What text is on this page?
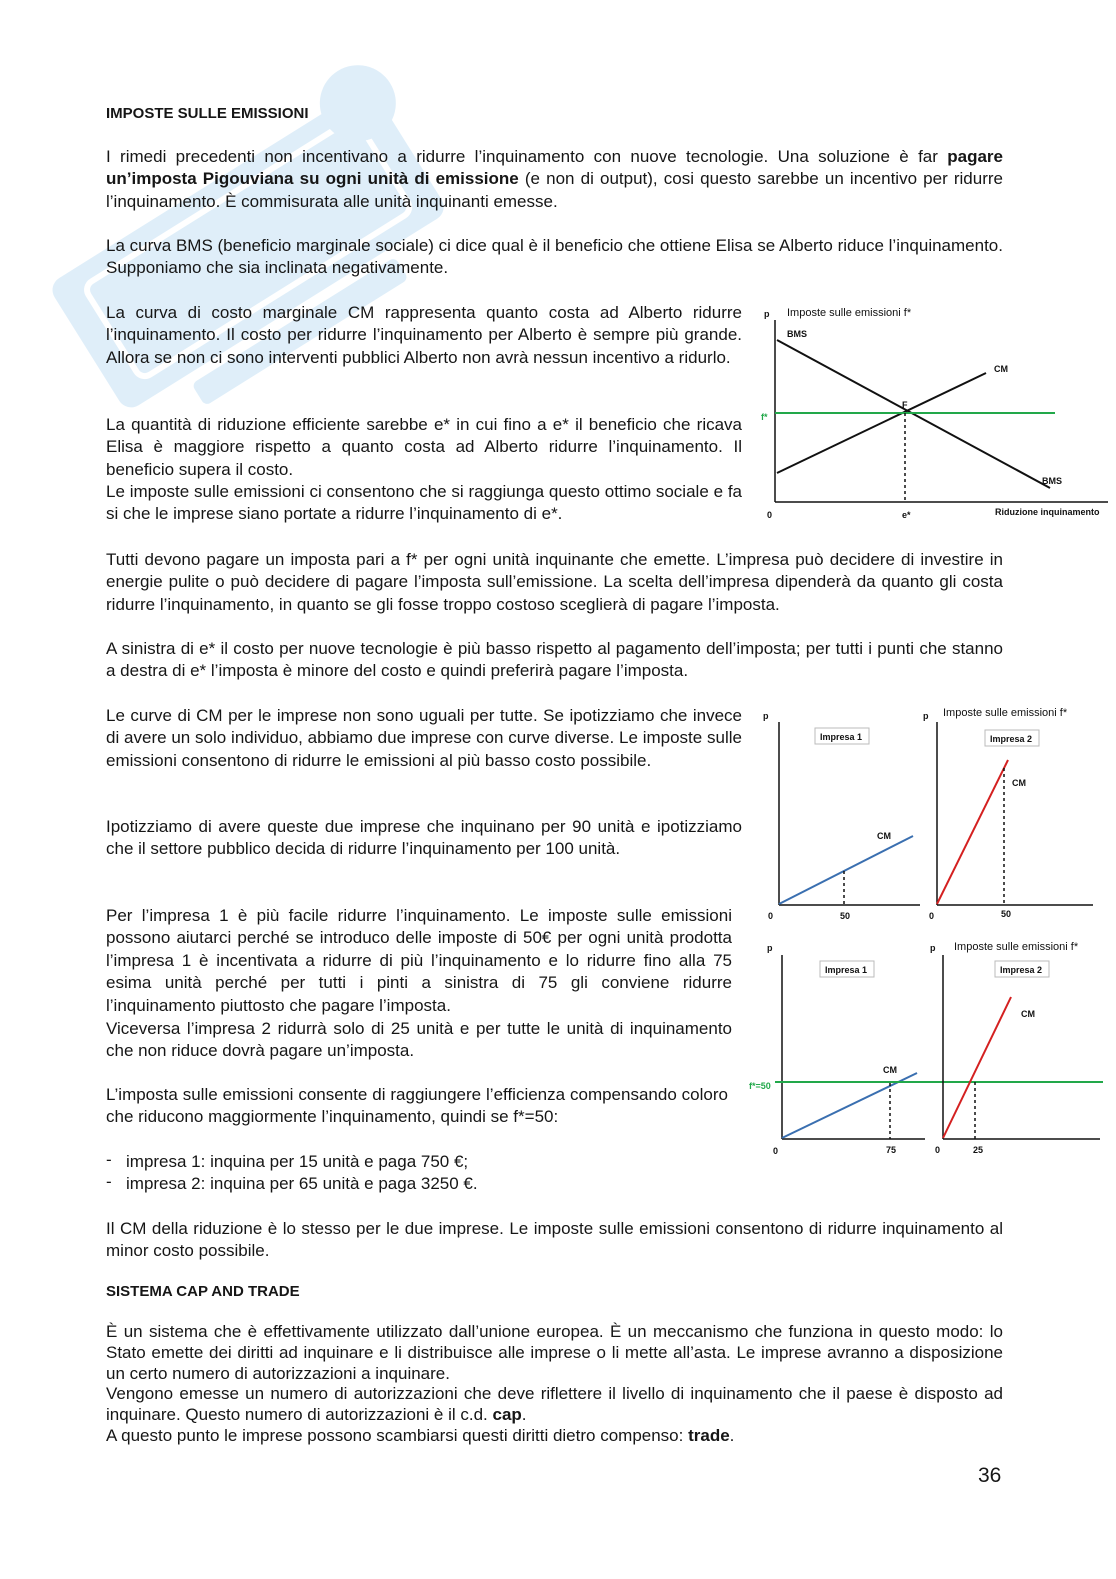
IMPOSTE SULLE EMISSIONI

I rimedi precedenti non incentivano a ridurre l’inquinamento con nuove tecnologie. Una soluzione è far pagare un’imposta Pigouviana su ogni unità di emissione (e non di output), cosi questo sarebbe un incentivo per ridurre l’inquinamento. È commisurata alle unità inquinanti emesse.

La curva BMS (beneficio marginale sociale) ci dice qual è il beneficio che ottiene Elisa se Alberto riduce l’inquinamento. Supponiamo che sia inclinata negativamente.

La curva di costo marginale CM rappresenta quanto costa ad Alberto ridurre l’inquinamento. Il costo per ridurre l’inquinamento per Alberto è sempre più grande. Allora se non ci sono interventi pubblici Alberto non avrà nessun incentivo a ridurlo.

La quantità di riduzione efficiente sarebbe e* in cui fino a e* il beneficio che ricava Elisa è maggiore rispetto a quanto costa ad Alberto ridurre l’inquinamento. Il beneficio supera il costo.

Le imposte sulle emissioni ci consentono che si raggiunga questo ottimo sociale e fa si che le imprese siano portate a ridurre l’inquinamento di e*.

p Imposte sulle emissioni f*
BMS
CM
BMS
f*
F
0	e*	Riduzione inquinamento

Tutti devono pagare un imposta pari a f* per ogni unità inquinante che emette. L’impresa può decidere di investire in energie pulite o può decidere di pagare l’imposta sull’emissione. La scelta dell’impresa dipenderà da quanto gli costa ridurre l’inquinamento, in quanto se gli fosse troppo costoso sceglierà di pagare l’imposta.

A sinistra di e* il costo per nuove tecnologie è più basso rispetto al pagamento dell’imposta; per tutti i punti che stanno a destra di e* l’imposta è minore del costo e quindi preferirà pagare l’imposta.

Le curve di CM per le imprese non sono uguali per tutte. Se ipotizziamo che invece di avere un solo individuo, abbiamo due imprese con curve diverse. Le imposte sulle emissioni consentono di ridurre le emissioni al più basso costo possibile.

Ipotizziamo di avere queste due imprese che inquinano per 90 unità e ipotizziamo che il settore pubblico decida di ridurre l’inquinamento per 100 unità.

Per l’impresa 1 è più facile ridurre l’inquinamento. Le imposte sulle emissioni possono aiutarci perché se introduco delle imposte di 50€ per ogni unità prodotta l’impresa 1 è incentivata a ridurre di più l’inquinamento e lo ridurre fino alla 75 esima unità perché per tutti i pinti a sinistra di 75 gli conviene ridurre l’inquinamento piuttosto che pagare l’imposta.

Viceversa l’impresa 2 ridurrà solo di 25 unità e per tutte le unità di inquinamento che non riduce dovrà pagare un’imposta.

L’imposta sulle emissioni consente di raggiungere l’efficienza compensando coloro che riducono maggiormente l’inquinamento, quindi se f*=50:

- impresa 1: inquina per 15 unità e paga 750 €;
- impresa 2: inquina per 65 unità e paga 3250 €.
p
Impresa 1
CM
0	50
p Imposte sulle emissioni f*
Impresa 2
CM
0	50
p
Impresa 1
CM
0	75
f*=50
p Imposte sulle emissioni f*
Impresa 2
CM
0	25

Il CM della riduzione è lo stesso per le due imprese. Le imposte sulle emissioni consentono di ridurre inquinamento al minor costo possibile.

SISTEMA CAP AND TRADE

È un sistema che è effettivamente utilizzato dall’unione europea. È un meccanismo che funziona in questo modo: lo Stato emette dei diritti ad inquinare e li distribuisce alle imprese o li mette all’asta. Le imprese avranno a disposizione un certo numero di autorizzazioni a inquinare.

Vengono emesse un numero di autorizzazioni che deve riflettere il livello di inquinamento che il paese è disposto ad inquinare. Questo numero di autorizzazioni è il c.d. cap.

A questo punto le imprese possono scambiarsi questi diritti dietro compenso: trade.

36
